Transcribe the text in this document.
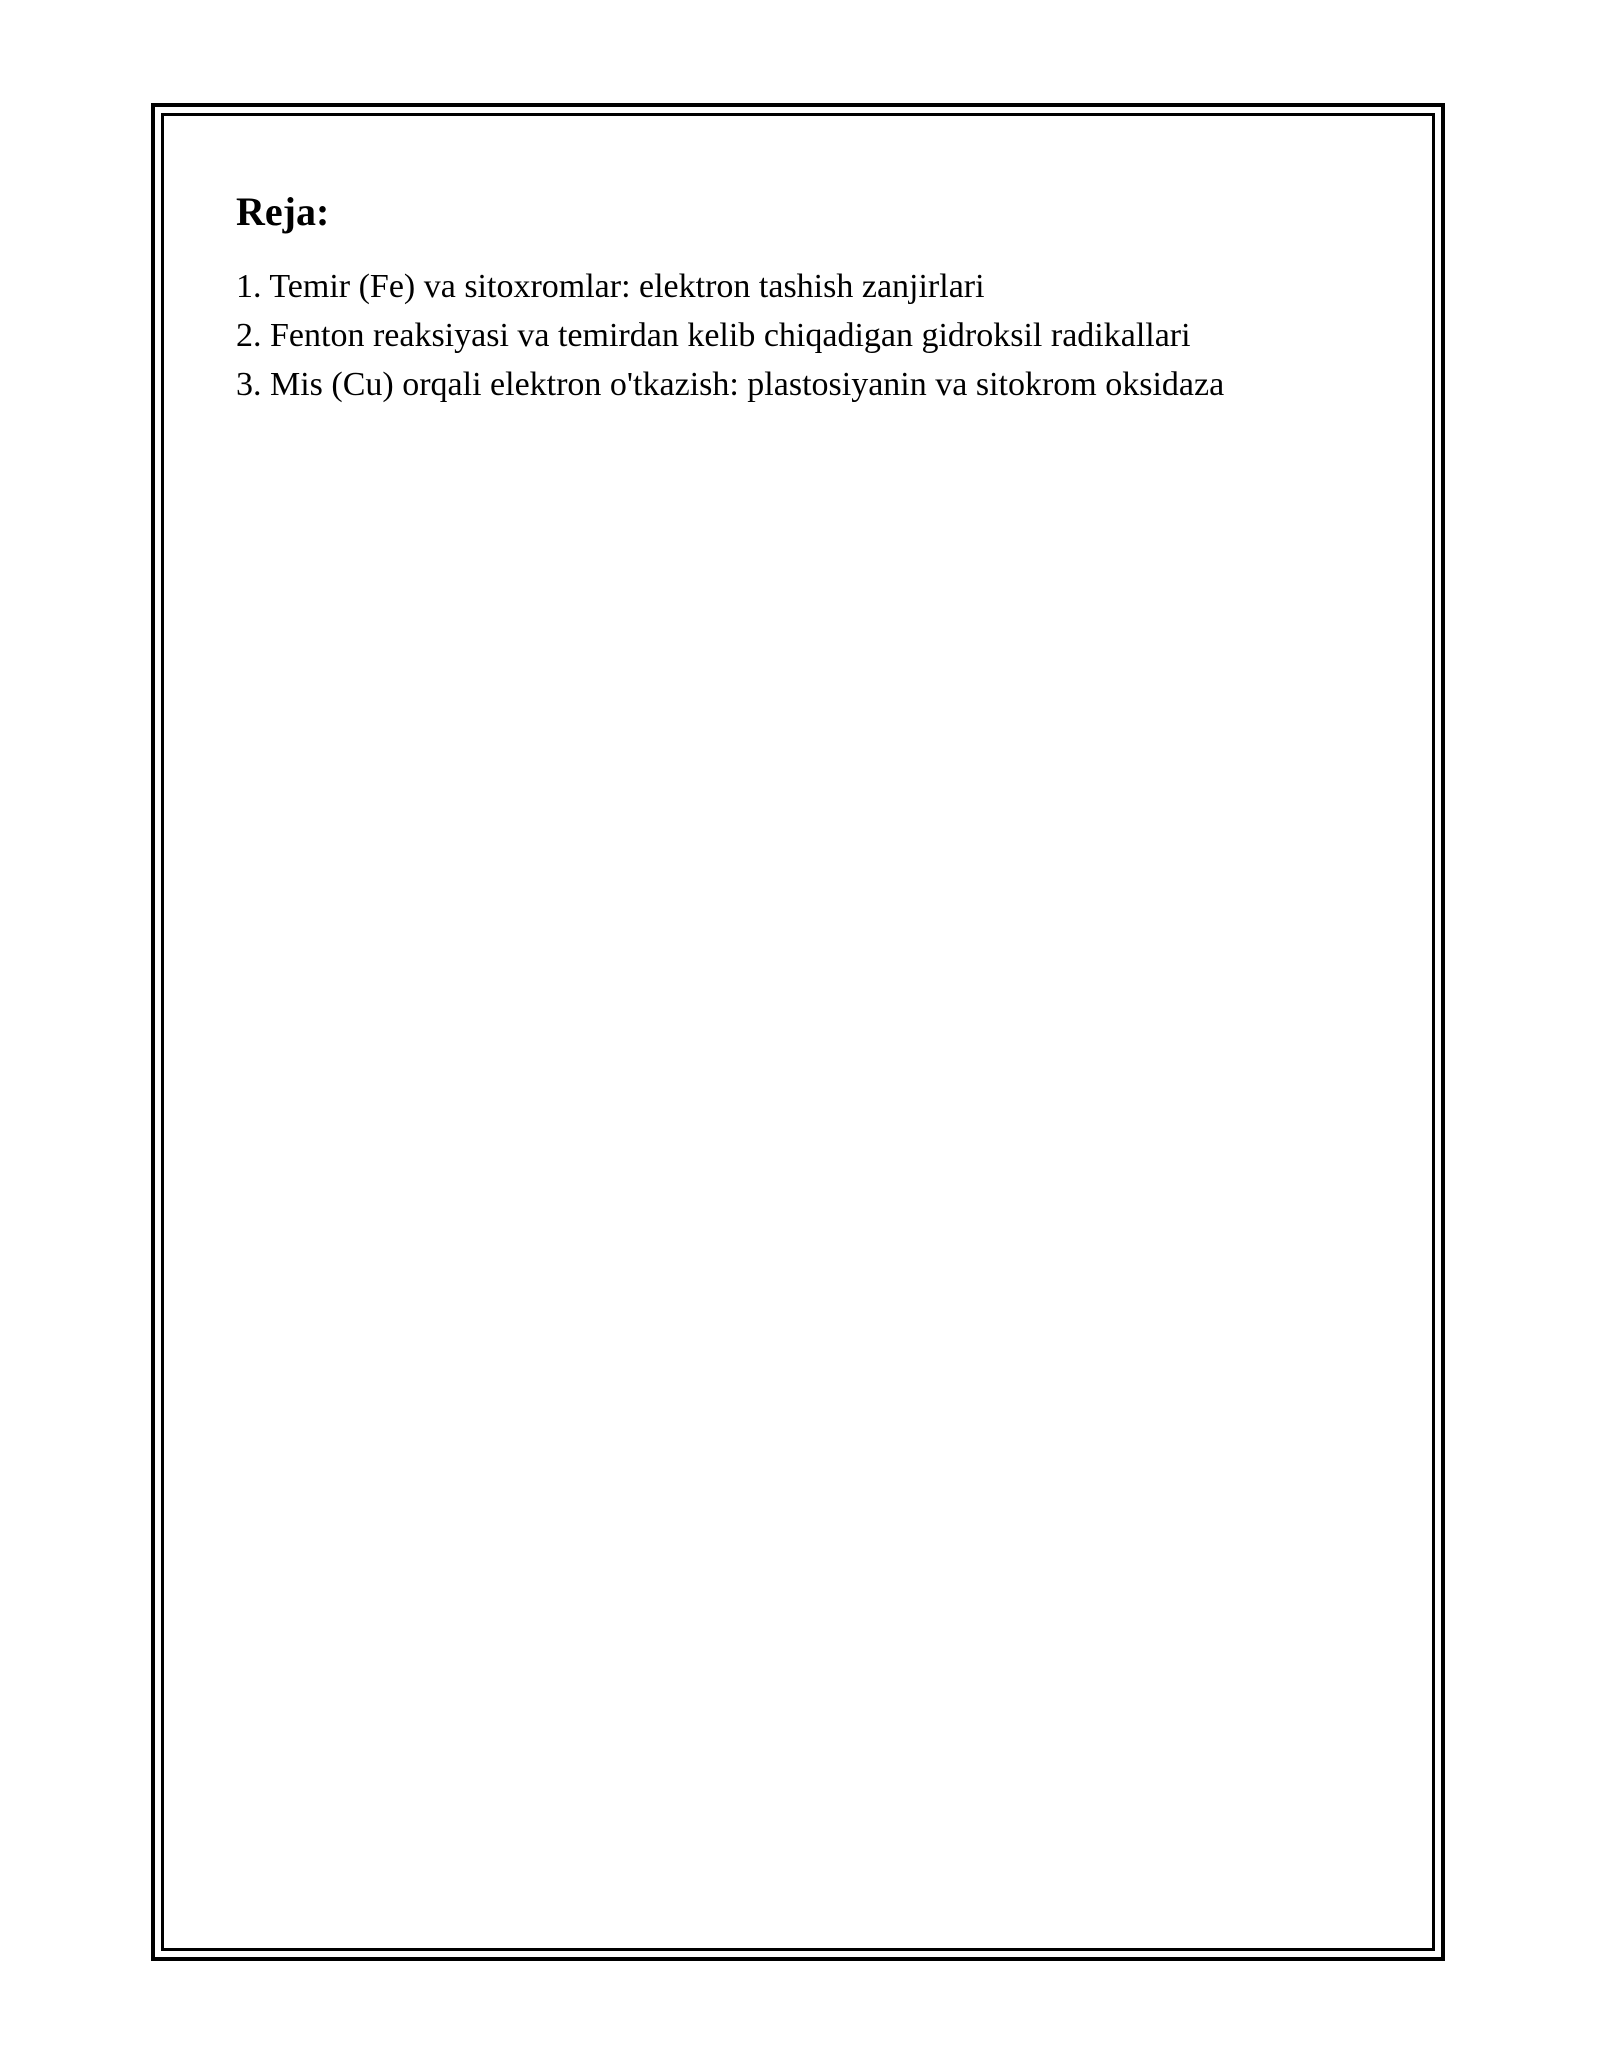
Reja:
1. Temir (Fe) va sitoxromlar: elektron tashish zanjirlari
2. Fenton reaksiyasi va temirdan kelib chiqadigan gidroksil radikallari
3. Mis (Cu) orqali elektron o'tkazish: plastosiyanin va sitokrom oksidaza
